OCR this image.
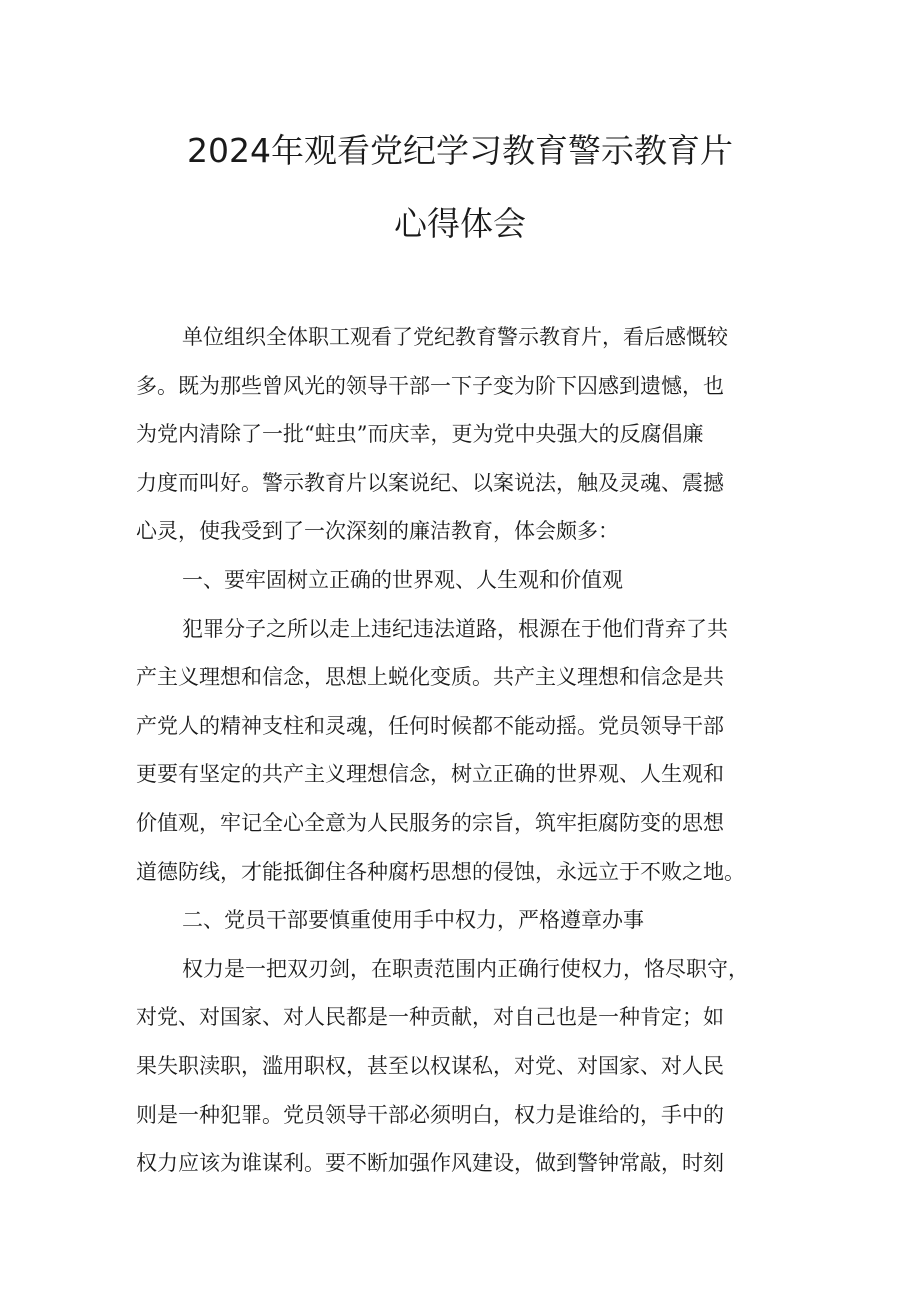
2024年观看党纪学习教育警示教育片
心得体会
单位组织全体职工观看了党纪教育警示教育片，看后感慨较
多。既为那些曾风光的领导干部一下子变为阶下囚感到遗憾，也
为党内清除了一批“蛀虫”而庆幸，更为党中央强大的反腐倡廉
力度而叫好。警示教育片以案说纪、以案说法，触及灵魂、震撼
心灵，使我受到了一次深刻的廉洁教育，体会颇多：
一、要牢固树立正确的世界观、人生观和价值观
犯罪分子之所以走上违纪违法道路，根源在于他们背弃了共
产主义理想和信念，思想上蜕化变质。共产主义理想和信念是共
产党人的精神支柱和灵魂，任何时候都不能动摇。党员领导干部
更要有坚定的共产主义理想信念，树立正确的世界观、人生观和
价值观，牢记全心全意为人民服务的宗旨，筑牢拒腐防变的思想
道德防线，才能抵御住各种腐朽思想的侵蚀，永远立于不败之地。
二、党员干部要慎重使用手中权力，严格遵章办事
权力是一把双刃剑，在职责范围内正确行使权力，恪尽职守，
对党、对国家、对人民都是一种贡献，对自己也是一种肯定；如
果失职渎职，滥用职权，甚至以权谋私，对党、对国家、对人民
则是一种犯罪。党员领导干部必须明白，权力是谁给的，手中的
权力应该为谁谋利。要不断加强作风建设，做到警钟常敲，时刻
